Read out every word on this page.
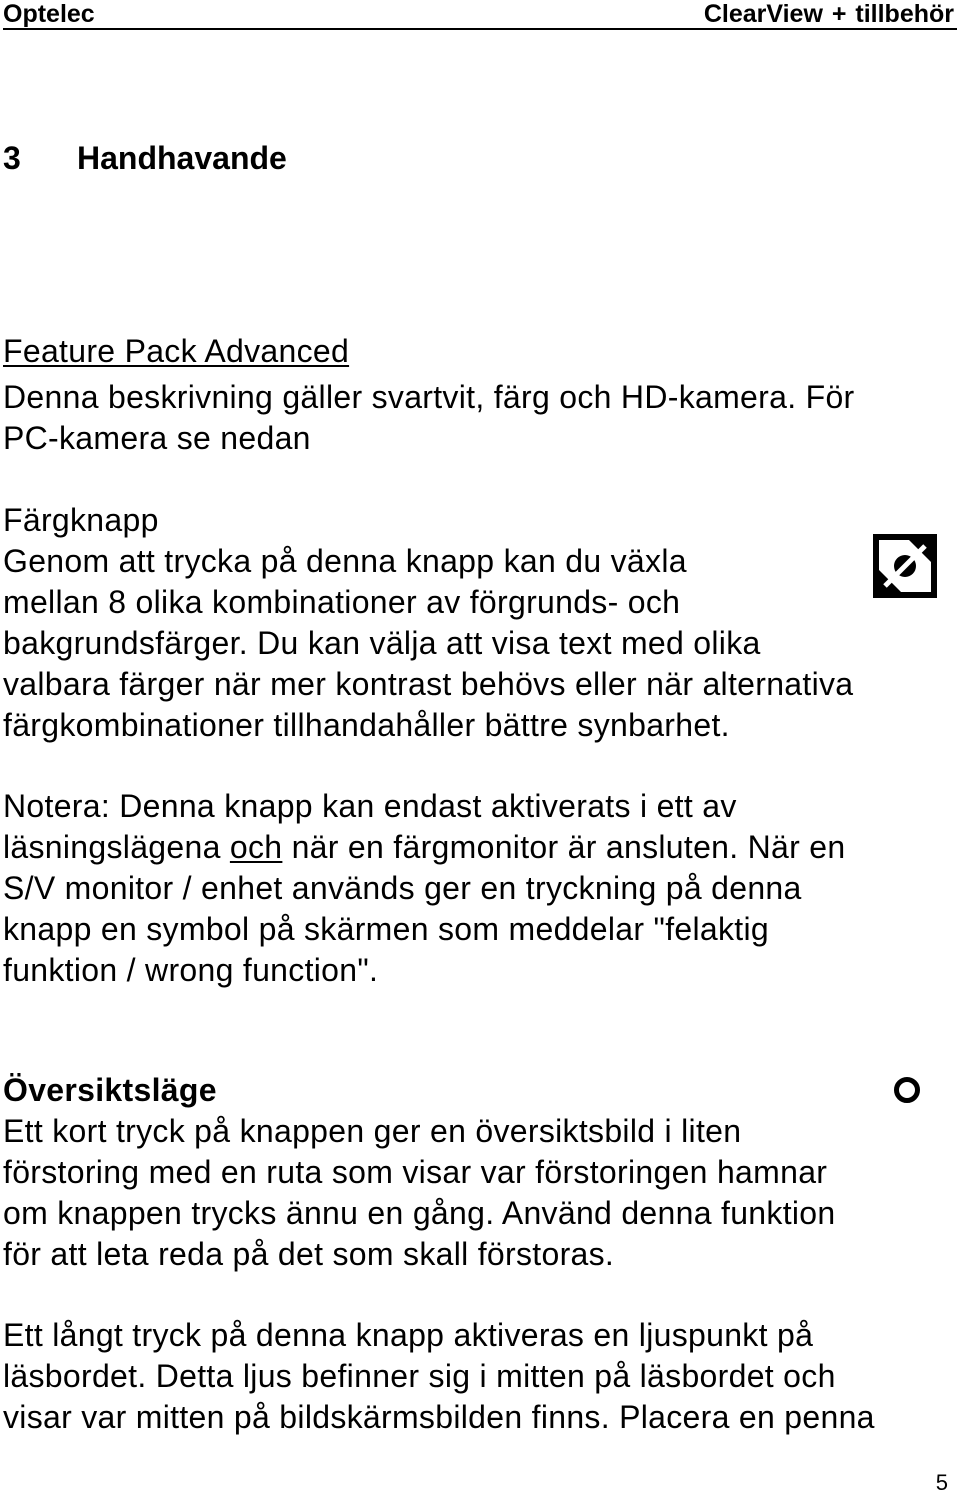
Optelec	ClearView + tillbehör
3 Handhavande
Feature Pack Advanced
Denna beskrivning gäller svartvit, färg och HD-kamera. För
PC-kamera se nedan
Färgknapp
Genom att trycka på denna knapp kan du växla
mellan 8 olika kombinationer av förgrunds- och
bakgrundsfärger. Du kan välja att visa text med olika
valbara färger när mer kontrast behövs eller när alternativa
färgkombinationer tillhandahåller bättre synbarhet.
Notera: Denna knapp kan endast aktiverats i ett av
läsningslägena och när en färgmonitor är ansluten. När en
S/V monitor / enhet används ger en tryckning på denna
knapp en symbol på skärmen som meddelar "felaktig
funktion / wrong function".
Översiktsläge
Ett kort tryck på knappen ger en översiktsbild i liten
förstoring med en ruta som visar var förstoringen hamnar
om knappen trycks ännu en gång. Använd denna funktion
för att leta reda på det som skall förstoras.
Ett långt tryck på denna knapp aktiveras en ljuspunkt på
läsbordet. Detta ljus befinner sig i mitten på läsbordet och
visar var mitten på bildskärmsbilden finns. Placera en penna
5
